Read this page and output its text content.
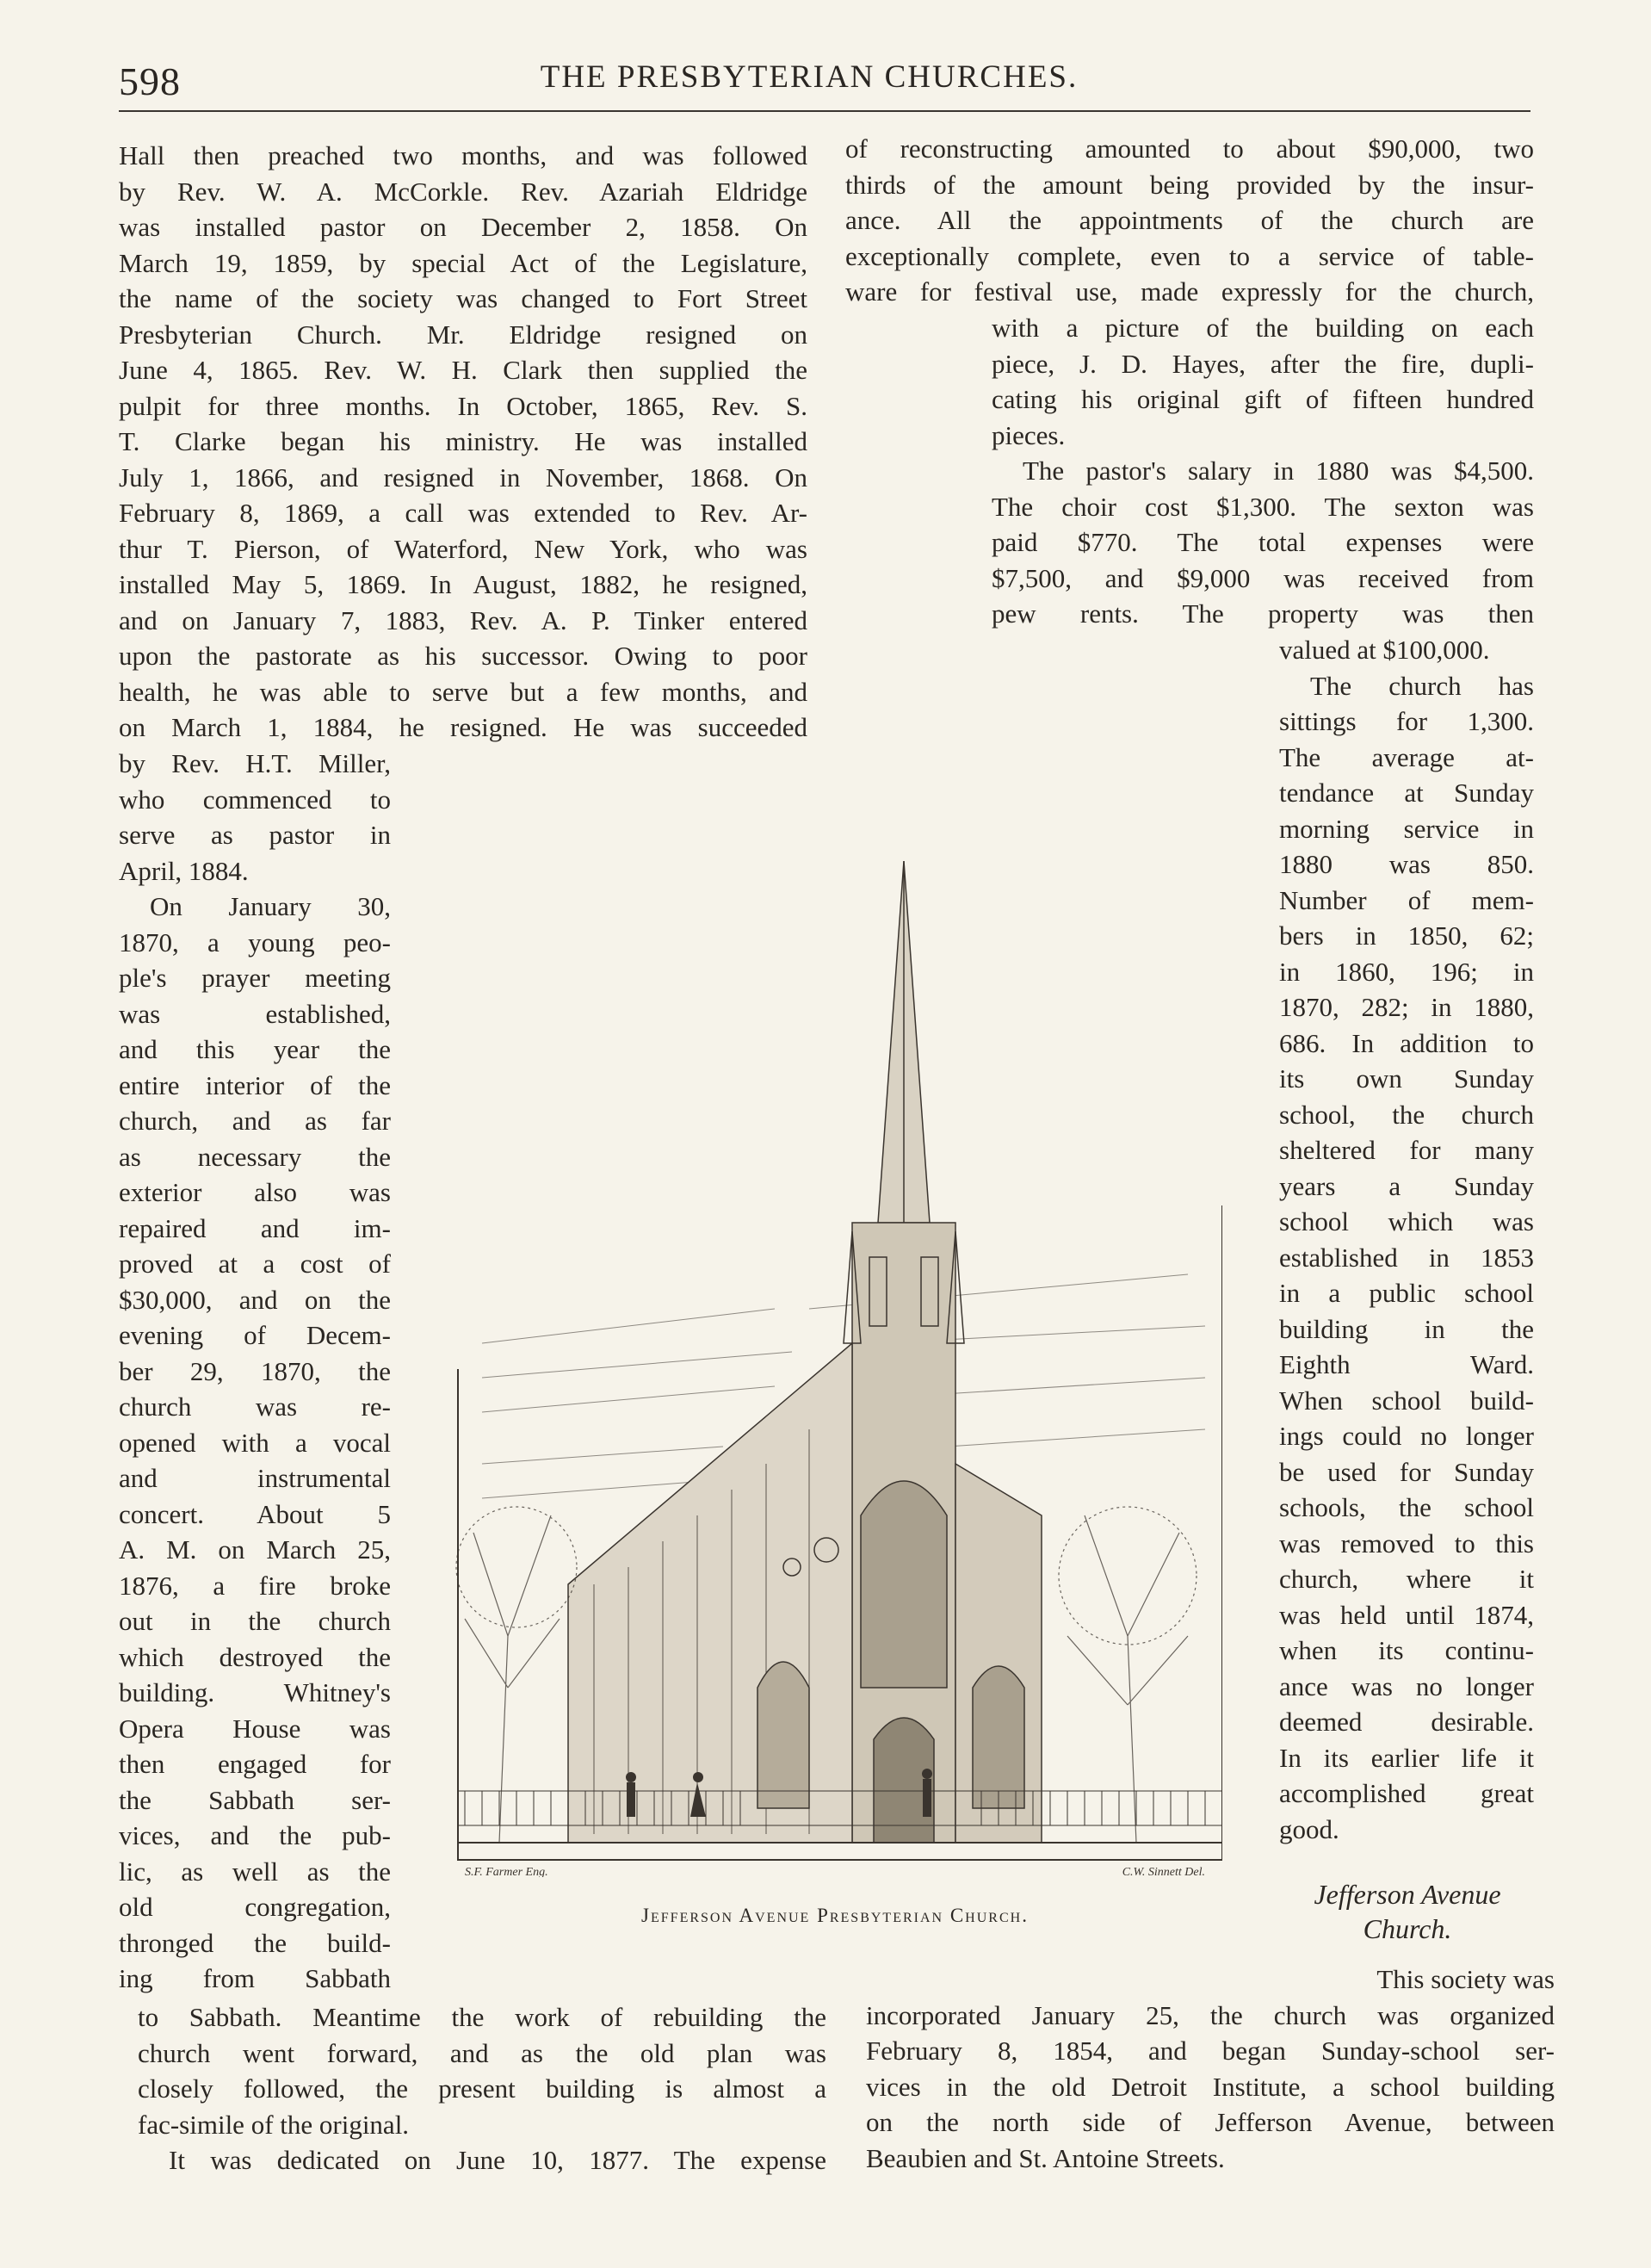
598	THE PRESBYTERIAN CHURCHES.
Hall then preached two months, and was followed
by Rev. W. A. McCorkle. Rev. Azariah Eldridge
was installed pastor on December 2, 1858. On
March 19, 1859, by special Act of the Legislature,
the name of the society was changed to Fort Street
Presbyterian Church. Mr. Eldridge resigned on
June 4, 1865. Rev. W. H. Clark then supplied the
pulpit for three months. In October, 1865, Rev. S.
T. Clarke began his ministry. He was installed
July 1, 1866, and resigned in November, 1868. On
February 8, 1869, a call was extended to Rev. Ar-
thur T. Pierson, of Waterford, New York, who was
installed May 5, 1869. In August, 1882, he resigned,
and on January 7, 1883, Rev. A. P. Tinker entered
upon the pastorate as his successor. Owing to poor
health, he was able to serve but a few months, and
on March 1, 1884, he resigned. He was succeeded
by Rev. H.T. Miller,
who commenced to
serve as pastor in
April, 1884.
On January 30,
1870, a young peo-
ple's prayer meeting
was established,
and this year the
entire interior of the
church, and as far
as necessary the
exterior also was
repaired and im-
proved at a cost of
$30,000, and on the
evening of Decem-
ber 29, 1870, the
church was re-
opened with a vocal
and instrumental
concert. About 5
A. M. on March 25,
1876, a fire broke
out in the church
which destroyed the
building. Whitney's
Opera House was
then engaged for
the Sabbath ser-
vices, and the pub-
lic, as well as the
old congregation,
thronged the build-
ing from Sabbath
to Sabbath. Meantime the work of rebuilding the
church went forward, and as the old plan was
closely followed, the present building is almost a
fac-simile of the original.
It was dedicated on June 10, 1877. The expense
of reconstructing amounted to about $90,000, two
thirds of the amount being provided by the insur-
ance. All the appointments of the church are
exceptionally complete, even to a service of table-
ware for festival use, made expressly for the church,
with a picture of the building on each
piece, J. D. Hayes, after the fire, dupli-
cating his original gift of fifteen hundred
pieces.
The pastor's salary in 1880 was $4,500.
The choir cost $1,300. The sexton was
paid $770. The total expenses were
$7,500, and $9,000 was received from
pew rents. The property was then
valued at $100,000.
The church has
sittings for 1,300.
The average at-
tendance at Sunday
morning service in
1880 was 850.
Number of mem-
bers in 1850, 62;
in 1860, 196; in
1870, 282; in 1880,
686. In addition to
its own Sunday
school, the church
sheltered for many
years a Sunday
school which was
established in 1853
in a public school
building in the
Eighth Ward.
When school build-
ings could no longer
be used for Sunday
schools, the school
was removed to this
church, where it
was held until 1874,
when its continu-
ance was no longer
deemed desirable.
In its earlier life it
accomplished great
good.
Jefferson Avenue
Church.
This society was
incorporated January 25, the church was organized
February 8, 1854, and began Sunday-school ser-
vices in the old Detroit Institute, a school building
on the north side of Jefferson Avenue, between
Beaubien and St. Antoine Streets.
S.F. Farmer Eng.	C.W. Sinnett Del.
Jefferson Avenue Presbyterian Church.
